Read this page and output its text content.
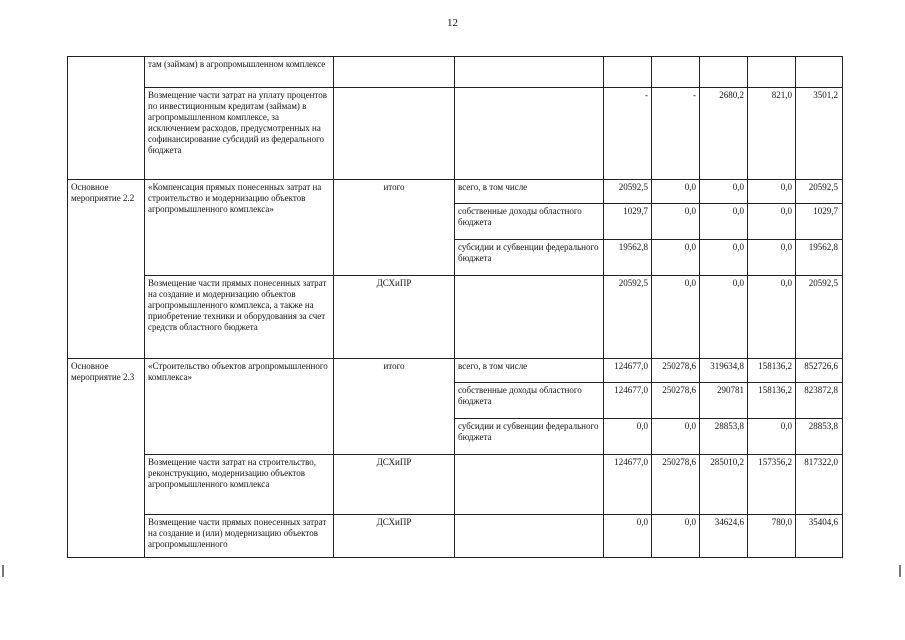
12
	там (займам) в агропромышленном комплексе							
	Возмещение части затрат на уплату процентов по инвестиционным кредитам (займам) в агропромышленном комплексе, за исключением расходов, предусмотренных на софинансирование субсидий из федерального бюджета			-	-	2680,2	821,0	3501,2
Основное мероприятие 2.2	«Компенсация прямых понесенных затрат на строительство и модернизацию объектов агропромышленного комплекса»	итого	всего, в том числе	20592,5	0,0	0,0	0,0	20592,5
			собственные доходы областного бюджета	1029,7	0,0	0,0	0,0	1029,7
			субсидии и субвенции федерального бюджета	19562,8	0,0	0,0	0,0	19562,8
	Возмещение части прямых понесенных затрат на создание и модернизацию объектов агропромышленного комплекса, а также на приобретение техники и оборудования за счет средств областного бюджета	ДСХиПР		20592,5	0,0	0,0	0,0	20592,5
Основное мероприятие 2.3	«Строительство объектов агропромышленного комплекса»	итого	всего, в том числе	124677,0	250278,6	319634,8	158136,2	852726,6
			собственные доходы областного бюджета	124677,0	250278,6	290781	158136,2	823872,8
			субсидии и субвенции федерального бюджета	0,0	0,0	28853,8	0,0	28853,8
	Возмещение части затрат на строительство, реконструкцию, модернизацию объектов агропромышленного комплекса	ДСХиПР		124677,0	250278,6	285010,2	157356,2	817322,0
	Возмещение части прямых понесенных затрат на создание и (или) модернизацию объектов агропромышленного	ДСХиПР		0,0	0,0	34624,6	780,0	35404,6
